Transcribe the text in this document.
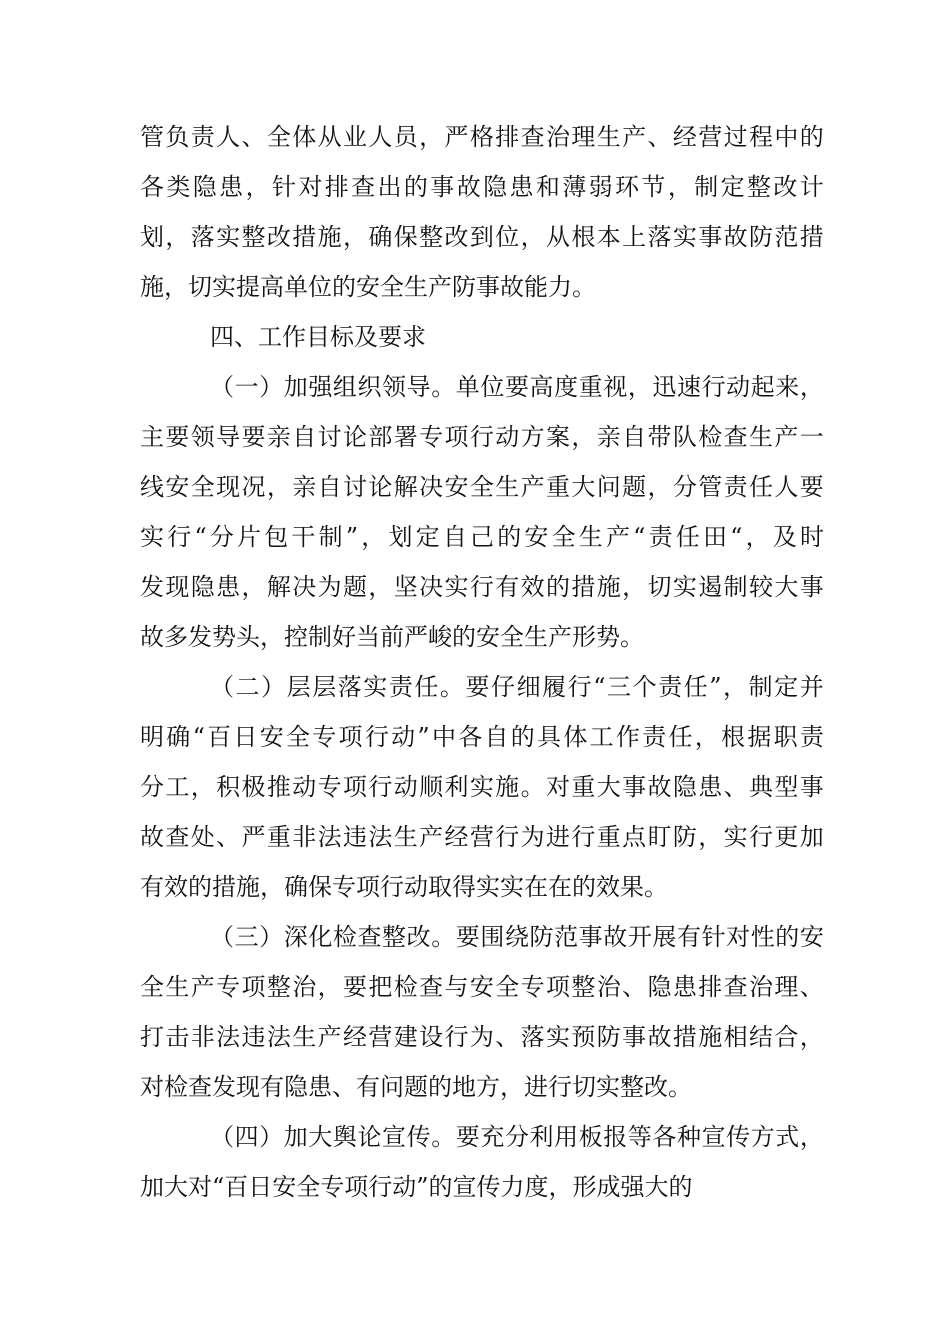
管 负 责 人 、 全 体 从 业 人 员 ， 严 格 排 查 治 理 生 产 、 经 营 过 程 中 的
各 类 隐 患 ， 针 对 排 查 出 的 事 故 隐 患 和 薄 弱 环 节 ， 制 定 整 改 计
划 ， 落 实 整 改 措 施 ， 确 保 整 改 到 位 ， 从 根 本 上 落 实 事 故 防 范 措
施，切实提高单位的安全生产防事故能力。
四、工作目标及要求
（ 一 ） 加 强 组 织 领 导 。 单 位 要 高 度 重 视 ， 迅 速 行 动 起 来 ，
主 要 领 导 要 亲 自 讨 论 部 署 专 项 行 动 方 案 ， 亲 自 带 队 检 查 生 产 一
线 安 全 现 况 ， 亲 自 讨 论 解 决 安 全 生 产 重 大 问 题 ， 分 管 责 任 人 要
实 行 “ 分 片 包 干 制 ” ， 划 定 自 己 的 安 全 生 产 “ 责 任 田 “ ， 及 时
发 现 隐 患 ， 解 决 为 题 ， 坚 决 实 行 有 效 的 措 施 ， 切 实 遏 制 较 大 事
故多发势头，控制好当前严峻的安全生产形势。
（ 二 ） 层 层 落 实 责 任 。 要 仔 细 履 行 “ 三 个 责 任 ” ， 制 定 并
明 确 “ 百 日 安 全 专 项 行 动 ” 中 各 自 的 具 体 工 作 责 任 ， 根 据 职 责
分 工 ， 积 极 推 动 专 项 行 动 顺 利 实 施 。 对 重 大 事 故 隐 患 、 典 型 事
故 查 处 、 严 重 非 法 违 法 生 产 经 营 行 为 进 行 重 点 盯 防 ， 实 行 更 加
有效的措施，确保专项行动取得实实在在的效果。
（ 三 ） 深 化 检 查 整 改 。 要 围 绕 防 范 事 故 开 展 有 针 对 性 的 安
全 生 产 专 项 整 治 ， 要 把 检 查 与 安 全 专 项 整 治 、 隐 患 排 查 治 理 、
打 击 非 法 违 法 生 产 经 营 建 设 行 为 、 落 实 预 防 事 故 措 施 相 结 合 ，
对检查发现有隐患、有问题的地方，进行切实整改。
（ 四 ） 加 大 舆 论 宣 传 。 要 充 分 利 用 板 报 等 各 种 宣 传 方 式 ，
加大对“百日安全专项行动”的宣传力度，形成强大的
